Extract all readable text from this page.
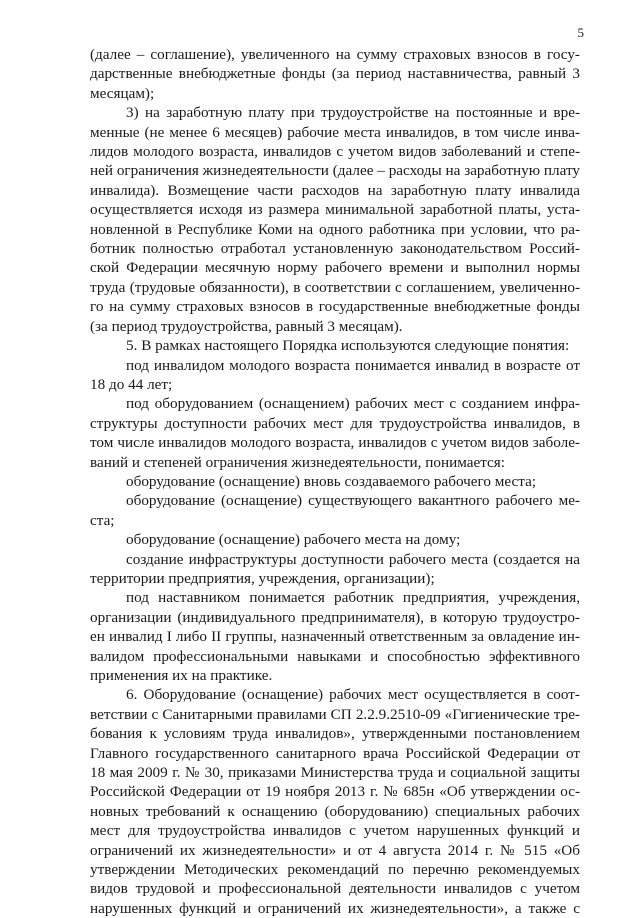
5
(далее – соглашение), увеличенного на сумму страховых взносов в госу-
дарственные внебюджетные фонды (за период наставничества, равный 3
месяцам);
3) на заработную плату при трудоустройстве на постоянные и вре-
менные (не менее 6 месяцев) рабочие места инвалидов, в том числе инва-
лидов молодого возраста, инвалидов с учетом видов заболеваний и степе-
ней ограничения жизнедеятельности (далее – расходы на заработную плату
инвалида). Возмещение части расходов на заработную плату инвалида
осуществляется исходя из размера минимальной заработной платы, уста-
новленной в Республике Коми на одного работника при условии, что ра-
ботник полностью отработал установленную законодательством Россий-
ской Федерации месячную норму рабочего времени и выполнил нормы
труда (трудовые обязанности), в соответствии с соглашением, увеличенно-
го на сумму страховых взносов в государственные внебюджетные фонды
(за период трудоустройства, равный 3 месяцам).
5. В рамках настоящего Порядка используются следующие понятия:
под инвалидом молодого возраста понимается инвалид в возрасте от
18 до 44 лет;
под оборудованием (оснащением) рабочих мест с созданием инфра-
структуры доступности рабочих мест для трудоустройства инвалидов, в
том числе инвалидов молодого возраста, инвалидов с учетом видов заболе-
ваний и степеней ограничения жизнедеятельности, понимается:
оборудование (оснащение) вновь создаваемого рабочего места;
оборудование (оснащение) существующего вакантного рабочего ме-
ста;
оборудование (оснащение) рабочего места на дому;
создание инфраструктуры доступности рабочего места (создается на
территории предприятия, учреждения, организации);
под наставником понимается работник предприятия, учреждения,
организации (индивидуального предпринимателя), в которую трудоустро-
ен инвалид I либо II группы, назначенный ответственным за овладение ин-
валидом профессиональными навыками и способностью эффективного
применения их на практике.
6. Оборудование (оснащение) рабочих мест осуществляется в соот-
ветствии с Санитарными правилами СП 2.2.9.2510-09 «Гигиенические тре-
бования к условиям труда инвалидов», утвержденными постановлением
Главного государственного санитарного врача Российской Федерации от
18 мая 2009 г. № 30, приказами Министерства труда и социальной защиты
Российской Федерации от 19 ноября 2013 г. № 685н «Об утверждении ос-
новных требований к оснащению (оборудованию) специальных рабочих
мест для трудоустройства инвалидов с учетом нарушенных функций и
ограничений их жизнедеятельности» и от 4 августа 2014 г. № 515 «Об
утверждении Методических рекомендаций по перечню рекомендуемых
видов трудовой и профессиональной деятельности инвалидов с учетом
нарушенных функций и ограничений их жизнедеятельности», а также с
